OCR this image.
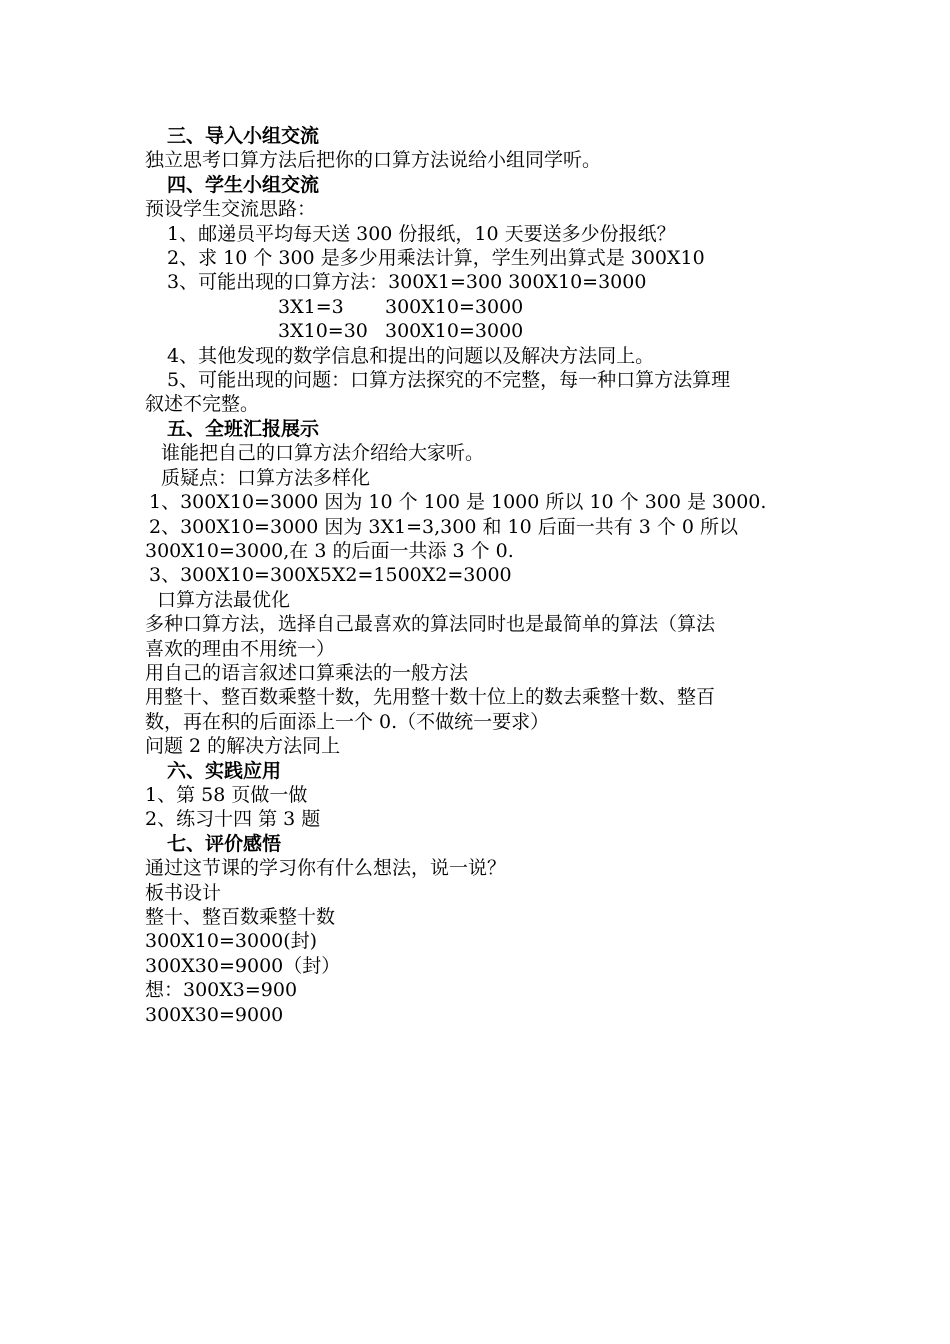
三、导入小组交流
独立思考口算方法后把你的口算方法说给小组同学听。
四、学生小组交流
预设学生交流思路：
1、邮递员平均每天送 300 份报纸，10 天要送多少份报纸？
2、求 10 个 300 是多少用乘法计算，学生列出算式是 300X10
3、可能出现的口算方法：300X1=300 300X10=3000
3X1=3 300X10=3000
3X10=30 300X10=3000
4、其他发现的数学信息和提出的问题以及解决方法同上。
5、可能出现的问题：口算方法探究的不完整，每一种口算方法算理
叙述不完整。
五、全班汇报展示
谁能把自己的口算方法介绍给大家听。
质疑点：口算方法多样化
1、300X10=3000 因为 10 个 100 是 1000 所以 10 个 300 是 3000.
2、300X10=3000 因为 3X1=3,300 和 10 后面一共有 3 个 0 所以
300X10=3000,在 3 的后面一共添 3 个 0.
3、300X10=300X5X2=1500X2=3000
口算方法最优化
多种口算方法，选择自己最喜欢的算法同时也是最简单的算法（算法
喜欢的理由不用统一）
用自己的语言叙述口算乘法的一般方法
用整十、整百数乘整十数，先用整十数十位上的数去乘整十数、整百
数，再在积的后面添上一个 0.（不做统一要求）
问题 2 的解决方法同上
六、实践应用
1、第 58 页做一做
2、练习十四 第 3 题
七、评价感悟
通过这节课的学习你有什么想法，说一说？
板书设计
整十、整百数乘整十数
300X10=3000(封)
300X30=9000（封）
想：300X3=900
300X30=9000
